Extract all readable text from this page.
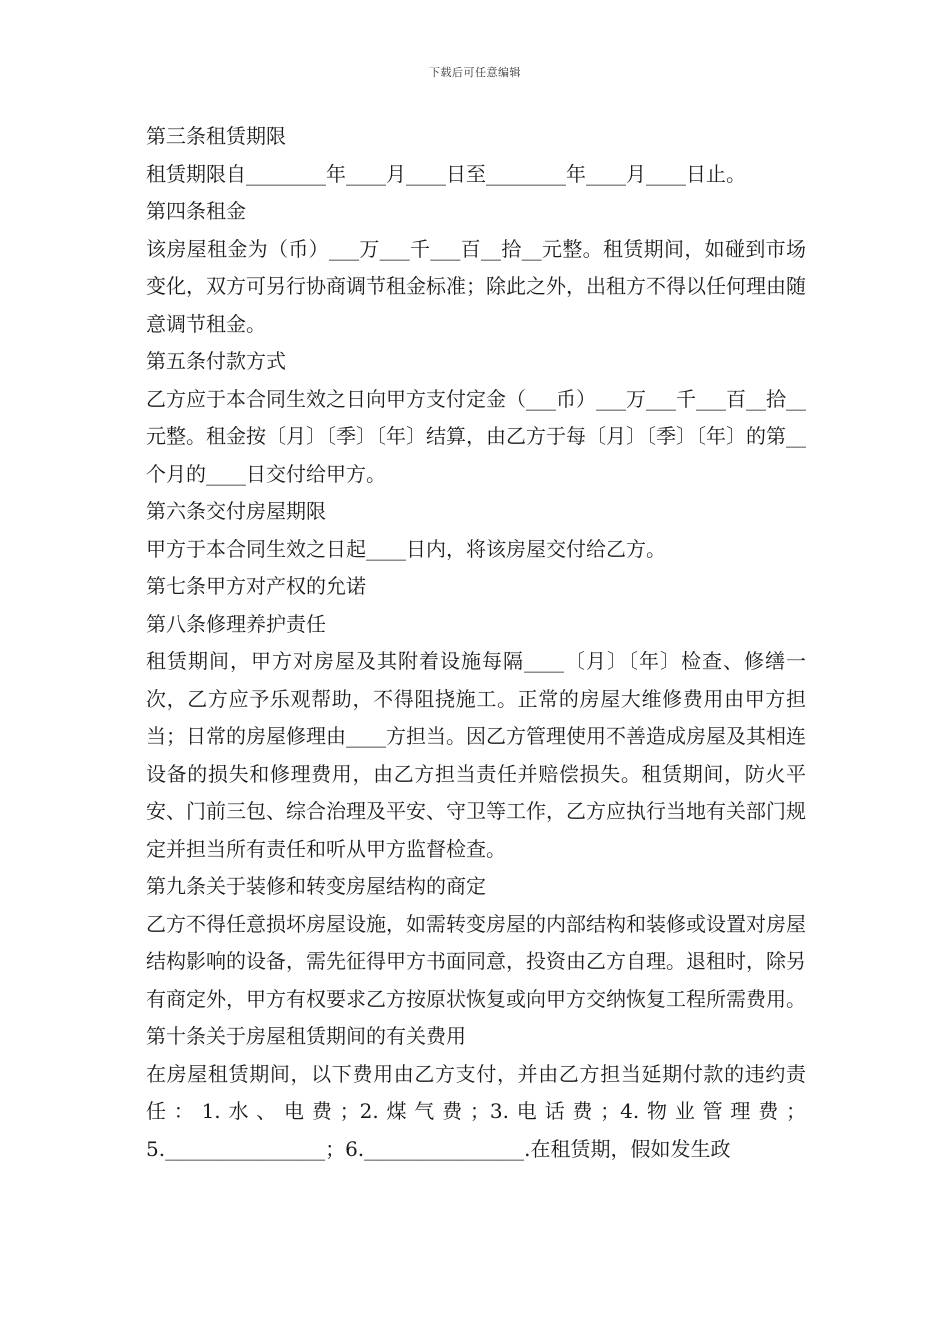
下载后可任意编辑

第三条租赁期限

租赁期限自________年____月____日至________年____月____日止。

第四条租金

该房屋租金为（币）___万___千___百__拾__元整。租赁期间，如碰到市场变化，双方可另行协商调节租金标准；除此之外，出租方不得以任何理由随意调节租金。

第五条付款方式

乙方应于本合同生效之日向甲方支付定金（___币）___万___千___百__拾__元整。租金按〔月〕〔季〕〔年〕结算，由乙方于每〔月〕〔季〕〔年〕的第__个月的____日交付给甲方。

第六条交付房屋期限

甲方于本合同生效之日起____日内，将该房屋交付给乙方。

第七条甲方对产权的允诺

第八条修理养护责任

租赁期间，甲方对房屋及其附着设施每隔____〔月〕〔年〕检查、修缮一次，乙方应予乐观帮助，不得阻挠施工。正常的房屋大维修费用由甲方担当；日常的房屋修理由____方担当。因乙方管理使用不善造成房屋及其相连设备的损失和修理费用，由乙方担当责任并赔偿损失。租赁期间，防火平安、门前三包、综合治理及平安、守卫等工作，乙方应执行当地有关部门规定并担当所有责任和听从甲方监督检查。

第九条关于装修和转变房屋结构的商定

乙方不得任意损坏房屋设施，如需转变房屋的内部结构和装修或设置对房屋结构影响的设备，需先征得甲方书面同意，投资由乙方自理。退租时，除另有商定外，甲方有权要求乙方按原状恢复或向甲方交纳恢复工程所需费用。

第十条关于房屋租赁期间的有关费用

在房屋租赁期间，以下费用由乙方支付，并由乙方担当延期付款的违约责任：1.水、电费；2.煤气费；3.电话费；4.物业管理费；5.________________；6.________________.在租赁期，假如发生政
